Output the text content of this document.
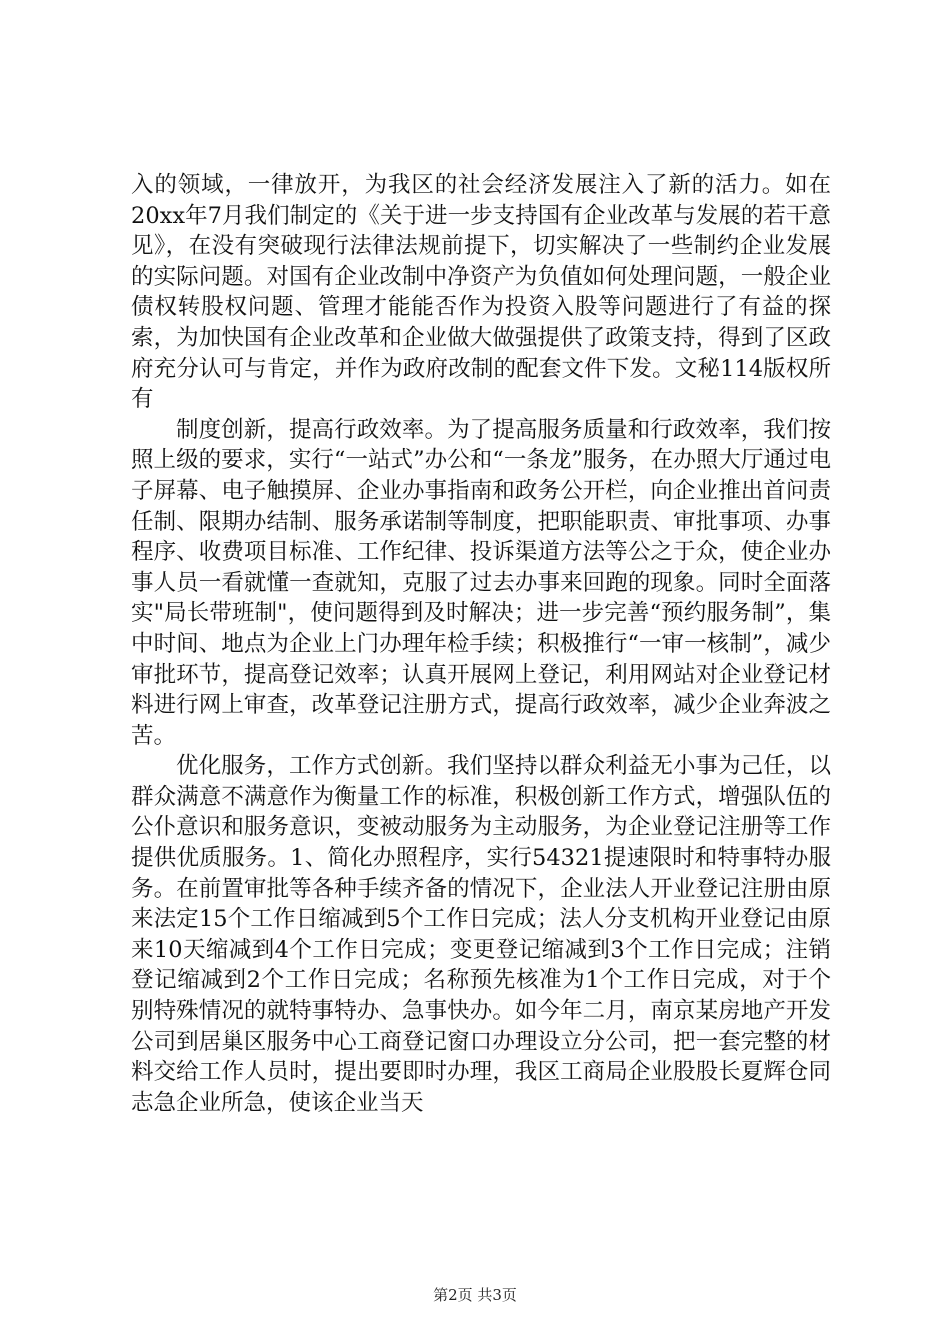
入的领域，一律放开，为我区的社会经济发展注入了新的活力。如在20xx年7月我们制定的《关于进一步支持国有企业改革与发展的若干意见》，在没有突破现行法律法规前提下，切实解决了一些制约企业发展的实际问题。对国有企业改制中净资产为负值如何处理问题，一般企业债权转股权问题、管理才能能否作为投资入股等问题进行了有益的探索，为加快国有企业改革和企业做大做强提供了政策支持，得到了区政府充分认可与肯定，并作为政府改制的配套文件下发。文秘114版权所有

制度创新，提高行政效率。为了提高服务质量和行政效率，我们按照上级的要求，实行“一站式”办公和“一条龙”服务，在办照大厅通过电子屏幕、电子触摸屏、企业办事指南和政务公开栏，向企业推出首问责任制、限期办结制、服务承诺制等制度，把职能职责、审批事项、办事程序、收费项目标准、工作纪律、投诉渠道方法等公之于众，使企业办事人员一看就懂一查就知，克服了过去办事来回跑的现象。同时全面落实"局长带班制"，使问题得到及时解决；进一步完善“预约服务制”，集中时间、地点为企业上门办理年检手续；积极推行“一审一核制”，减少审批环节，提高登记效率；认真开展网上登记，利用网站对企业登记材料进行网上审查，改革登记注册方式，提高行政效率，减少企业奔波之苦。

优化服务，工作方式创新。我们坚持以群众利益无小事为己任，以群众满意不满意作为衡量工作的标准，积极创新工作方式，增强队伍的公仆意识和服务意识，变被动服务为主动服务，为企业登记注册等工作提供优质服务。1、简化办照程序，实行54321提速限时和特事特办服务。在前置审批等各种手续齐备的情况下，企业法人开业登记注册由原来法定15个工作日缩减到5个工作日完成；法人分支机构开业登记由原来10天缩减到4个工作日完成；变更登记缩减到3个工作日完成；注销登记缩减到2个工作日完成；名称预先核准为1个工作日完成，对于个别特殊情况的就特事特办、急事快办。如今年二月，南京某房地产开发公司到居巢区服务中心工商登记窗口办理设立分公司，把一套完整的材料交给工作人员时，提出要即时办理，我区工商局企业股股长夏辉仓同志急企业所急，使该企业当天

第2页 共3页
